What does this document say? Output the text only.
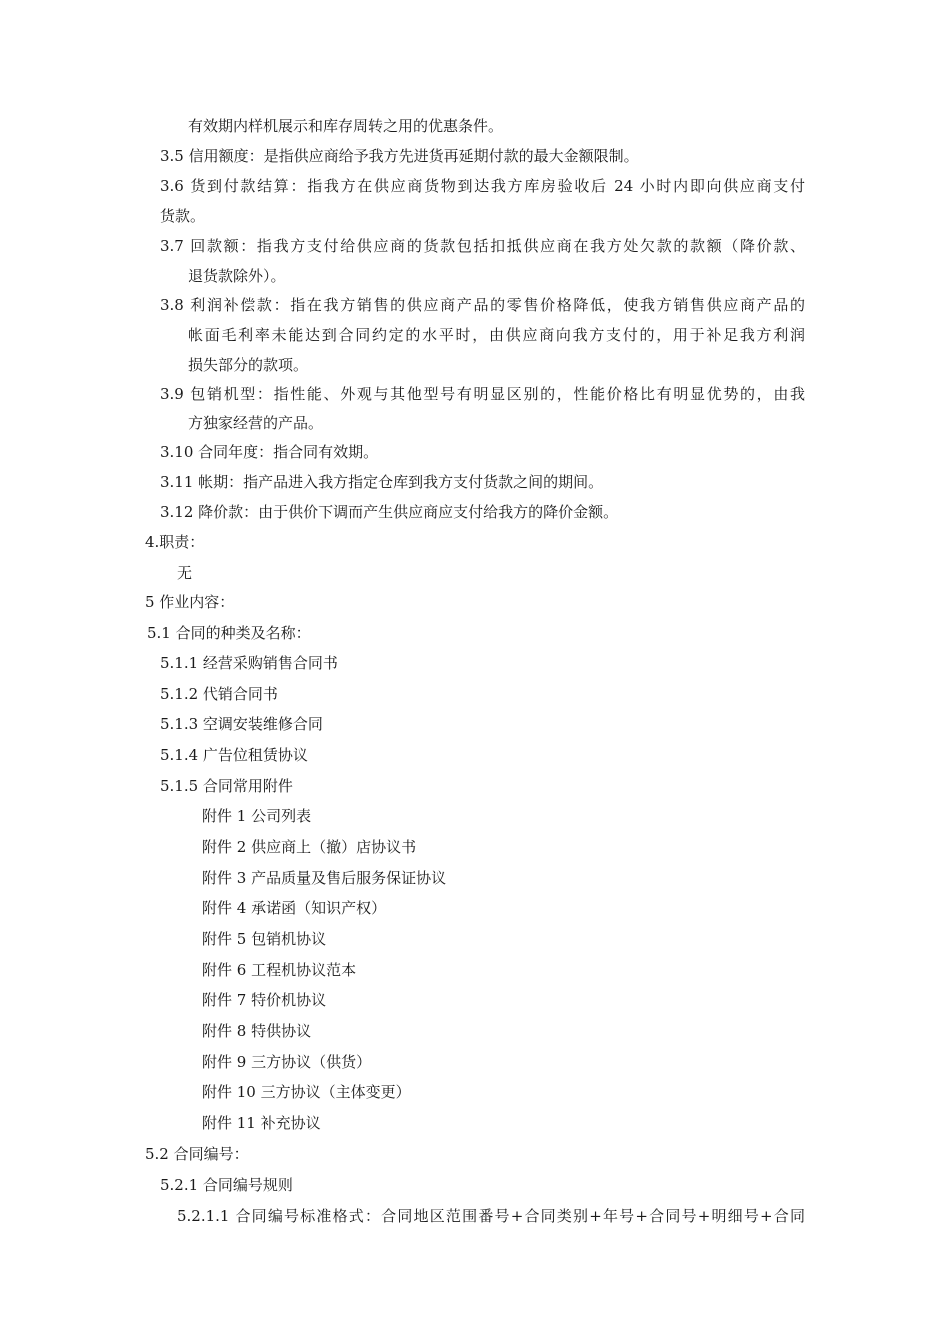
有效期内样机展示和库存周转之用的优惠条件。
3.5 信用额度：是指供应商给予我方先进货再延期付款的最大金额限制。
3.6 货到付款结算：指我方在供应商货物到达我方库房验收后 24 小时内即向供应商支付
货款。
3.7 回款额：指我方支付给供应商的货款包括扣抵供应商在我方处欠款的款额（降价款、
退货款除外）。
3.8 利润补偿款：指在我方销售的供应商产品的零售价格降低，使我方销售供应商产品的
帐面毛利率未能达到合同约定的水平时，由供应商向我方支付的，用于补足我方利润
损失部分的款项。
3.9 包销机型：指性能、外观与其他型号有明显区别的，性能价格比有明显优势的，由我
方独家经营的产品。
3.10 合同年度：指合同有效期。
3.11 帐期：指产品进入我方指定仓库到我方支付货款之间的期间。
3.12 降价款：由于供价下调而产生供应商应支付给我方的降价金额。
4.职责：
无
5 作业内容：
5.1 合同的种类及名称：
5.1.1 经营采购销售合同书
5.1.2 代销合同书
5.1.3 空调安装维修合同
5.1.4 广告位租赁协议
5.1.5 合同常用附件
附件 1 公司列表
附件 2 供应商上（撤）店协议书
附件 3 产品质量及售后服务保证协议
附件 4 承诺函（知识产权）
附件 5 包销机协议
附件 6 工程机协议范本
附件 7 特价机协议
附件 8 特供协议
附件 9 三方协议（供货）
附件 10 三方协议（主体变更）
附件 11 补充协议
5.2 合同编号：
5.2.1 合同编号规则
5.2.1.1 合同编号标准格式：合同地区范围番号+合同类别+年号+合同号+明细号+合同
